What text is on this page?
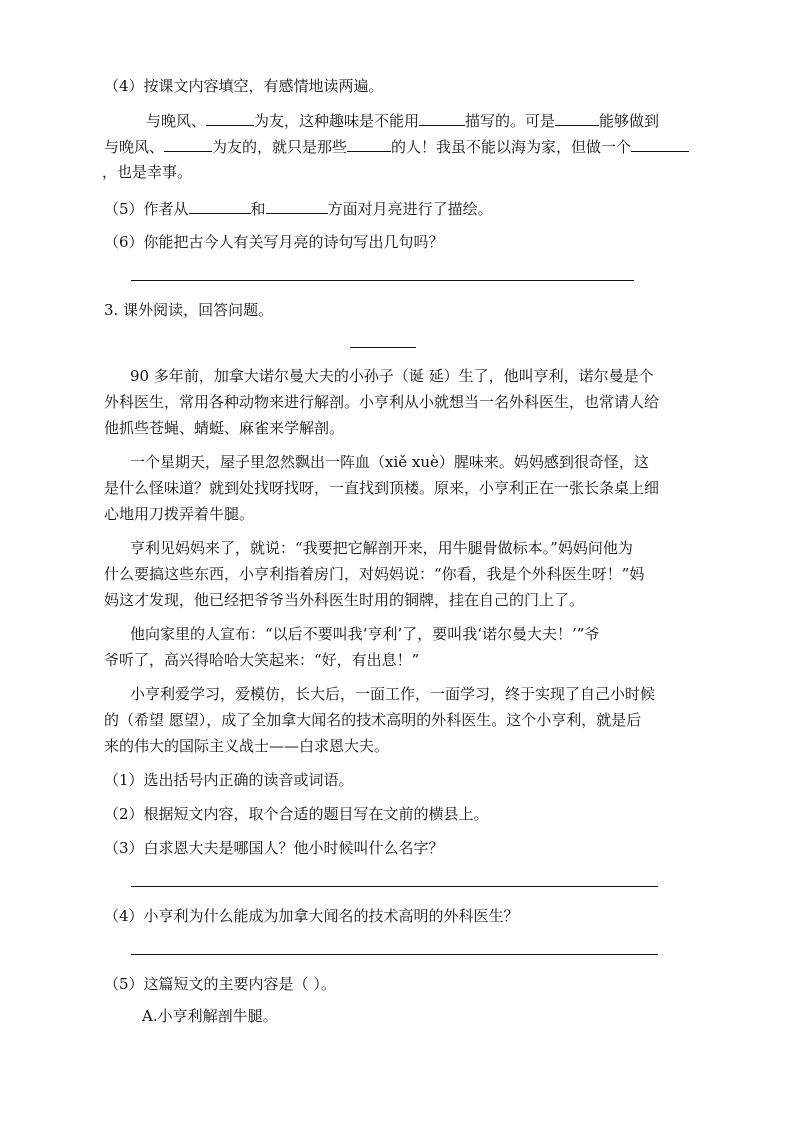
（4）按课文内容填空，有感情地读两遍。
与晚风、	为友，这种趣味是不能用	描写的。可是	能够做到
与晚风、	为友的，就只是那些	的人！我虽不能以海为家，但做一个
，也是幸事。
（5）作者从	和	方面对月亮进行了描绘。
（6）你能把古今人有关写月亮的诗句写出几句吗？
3. 课外阅读，回答问题。
90 多年前，加拿大诺尔曼大夫的小孙子（诞 延）生了，他叫亨利，诺尔曼是个
外科医生，常用各种动物来进行解剖。小亨利从小就想当一名外科医生，也常请人给
他抓些苍蝇、蜻蜓、麻雀来学解剖。
一个星期天，屋子里忽然飘出一阵血（xiě xuè）腥味来。妈妈感到很奇怪，这
是什么怪味道？就到处找呀找呀，一直找到顶楼。原来，小亨利正在一张长条桌上细
心地用刀拨弄着牛腿。
亨利见妈妈来了，就说：“我要把它解剖开来，用牛腿骨做标本。”妈妈问他为
什么要搞这些东西，小亨利指着房门，对妈妈说：“你看，我是个外科医生呀！”妈
妈这才发现，他已经把爷爷当外科医生时用的铜牌，挂在自己的门上了。
他向家里的人宣布：“以后不要叫我‘亨利’了，要叫我‘诺尔曼大夫！’”爷
爷听了，高兴得哈哈大笑起来：“好，有出息！”
小亨利爱学习，爱模仿，长大后，一面工作，一面学习，终于实现了自己小时候
的（希望 愿望），成了全加拿大闻名的技术高明的外科医生。这个小亨利，就是后
来的伟大的国际主义战士——白求恩大夫。
（1）选出括号内正确的读音或词语。
（2）根据短文内容，取个合适的题目写在文前的横县上。
（3）白求恩大夫是哪国人？他小时候叫什么名字？
（4）小亨利为什么能成为加拿大闻名的技术高明的外科医生？
（5）这篇短文的主要内容是（ ）。
A.小亨利解剖牛腿。
